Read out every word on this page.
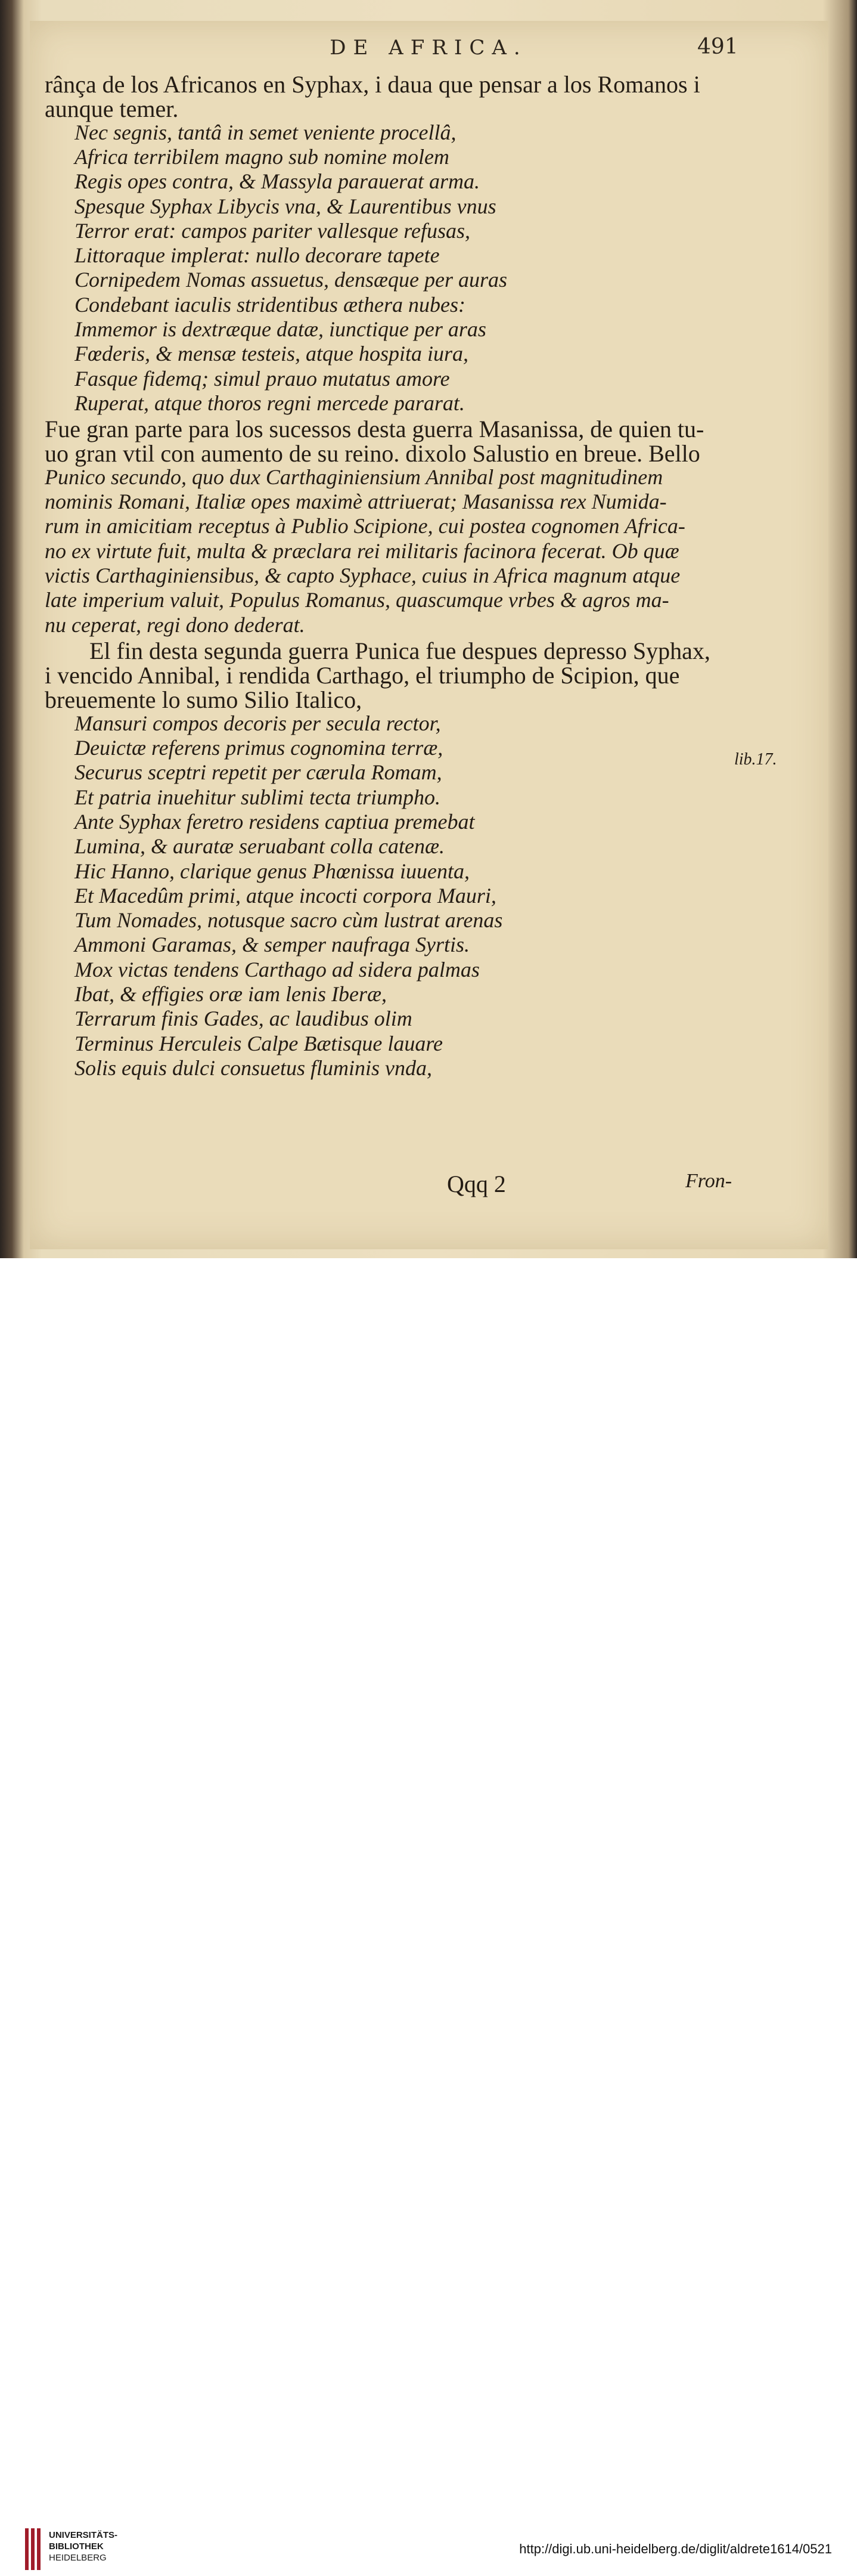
DE AFRICA.	491
rânça de los Africanos en Syphax, i daua que pensar a los Romanos i
aunque temer.
Nec segnis, tantâ in semet veniente procellâ,
Africa terribilem magno sub nomine molem
Regis opes contra, & Massyla parauerat arma.
Spesque Syphax Libycis vna, & Laurentibus vnus
Terror erat: campos pariter vallesque refusas,
Littoraque implerat: nullo decorare tapete
Cornipedem Nomas assuetus, densæque per auras
Condebant iaculis stridentibus æthera nubes:
Immemor is dextræque datæ, iunctique per aras
Fœderis, & mensæ testeis, atque hospita iura,
Fasque fidemq; simul prauo mutatus amore
Ruperat, atque thoros regni mercede pararat.
Fue gran parte para los sucessos desta guerra Masanissa, de quien tu-
uo gran vtil con aumento de su reino. dixolo Salustio en breue. Bello
Punico secundo, quo dux Carthaginiensium Annibal post magnitudinem
nominis Romani, Italiæ opes maximè attriuerat; Masanissa rex Numida-
rum in amicitiam receptus à Publio Scipione, cui postea cognomen Africa-
no ex virtute fuit, multa & præclara rei militaris facinora fecerat. Ob quæ
victis Carthaginiensibus, & capto Syphace, cuius in Africa magnum atque
late imperium valuit, Populus Romanus, quascumque vrbes & agros ma-
nu ceperat, regi dono dederat.
El fin desta segunda guerra Punica fue despues depresso Syphax,
i vencido Annibal, i rendida Carthago, el triumpho de Scipion, que
breuemente lo sumo Silio Italico,
Mansuri compos decoris per secula rector,
Deuictæ referens primus cognomina terræ,
Securus sceptri repetit per cærula Romam,
Et patria inuehitur sublimi tecta triumpho.
Ante Syphax feretro residens captiua premebat
Lumina, & auratæ seruabant colla catenæ.
Hic Hanno, clarique genus Phœnissa iuuenta,
Et Macedûm primi, atque incocti corpora Mauri,
Tum Nomades, notusque sacro cùm lustrat arenas
Ammoni Garamas, & semper naufraga Syrtis.
Mox victas tendens Carthago ad sidera palmas
Ibat, & effigies oræ iam lenis Iberæ,
Terrarum finis Gades, ac laudibus olim
Terminus Herculeis Calpe Bætisque lauare
Solis equis dulci consuetus fluminis vnda,
lib.17.
Qqq 2	Fron-
UNIVERSITÄTS-
BIBLIOTHEK
HEIDELBERG
http://digi.ub.uni-heidelberg.de/diglit/aldrete1614/0521
